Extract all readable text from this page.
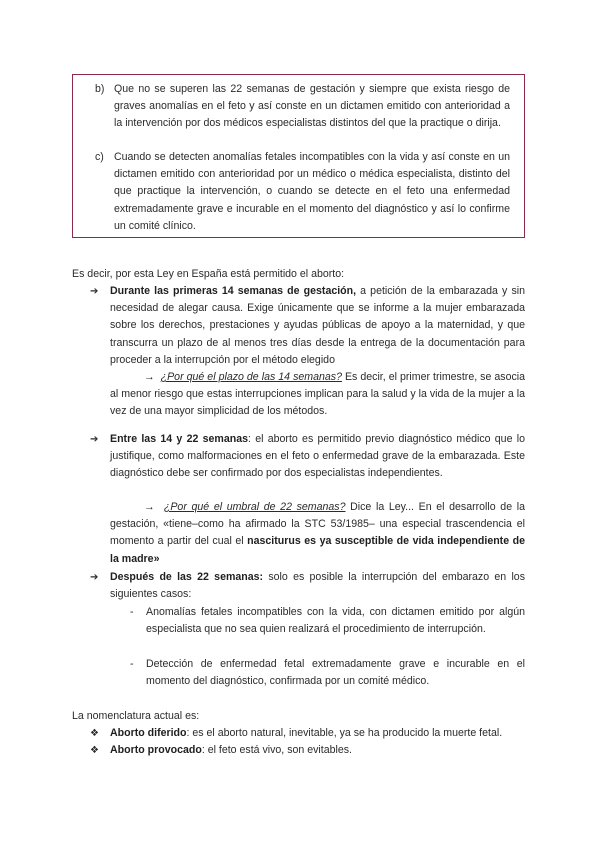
b) Que no se superen las 22 semanas de gestación y siempre que exista riesgo de graves anomalías en el feto y así conste en un dictamen emitido con anterioridad a la intervención por dos médicos especialistas distintos del que la practique o dirija.
c) Cuando se detecten anomalías fetales incompatibles con la vida y así conste en un dictamen emitido con anterioridad por un médico o médica especialista, distinto del que practique la intervención, o cuando se detecte en el feto una enfermedad extremadamente grave e incurable en el momento del diagnóstico y así lo confirme un comité clínico.
Es decir, por esta Ley en España está permitido el aborto:
➔ Durante las primeras 14 semanas de gestación, a petición de la embarazada y sin necesidad de alegar causa. Exige únicamente que se informe a la mujer embarazada sobre los derechos, prestaciones y ayudas públicas de apoyo a la maternidad, y que transcurra un plazo de al menos tres días desde la entrega de la documentación para proceder a la interrupción por el método elegido
→ ¿Por qué el plazo de las 14 semanas? Es decir, el primer trimestre, se asocia al menor riesgo que estas interrupciones implican para la salud y la vida de la mujer a la vez de una mayor simplicidad de los métodos.
➔ Entre las 14 y 22 semanas: el aborto es permitido previo diagnóstico médico que lo justifique, como malformaciones en el feto o enfermedad grave de la embarazada. Este diagnóstico debe ser confirmado por dos especialistas independientes.
→ ¿Por qué el umbral de 22 semanas? Dice la Ley... En el desarrollo de la gestación, «tiene–como ha afirmado la STC 53/1985– una especial trascendencia el momento a partir del cual el nasciturus es ya susceptible de vida independiente de la madre»
➔ Después de las 22 semanas: solo es posible la interrupción del embarazo en los siguientes casos:
- Anomalías fetales incompatibles con la vida, con dictamen emitido por algún especialista que no sea quien realizará el procedimiento de interrupción.
- Detección de enfermedad fetal extremadamente grave e incurable en el momento del diagnóstico, confirmada por un comité médico.
La nomenclatura actual es:
❖ Aborto diferido: es el aborto natural, inevitable, ya se ha producido la muerte fetal.
❖ Aborto provocado: el feto está vivo, son evitables.
